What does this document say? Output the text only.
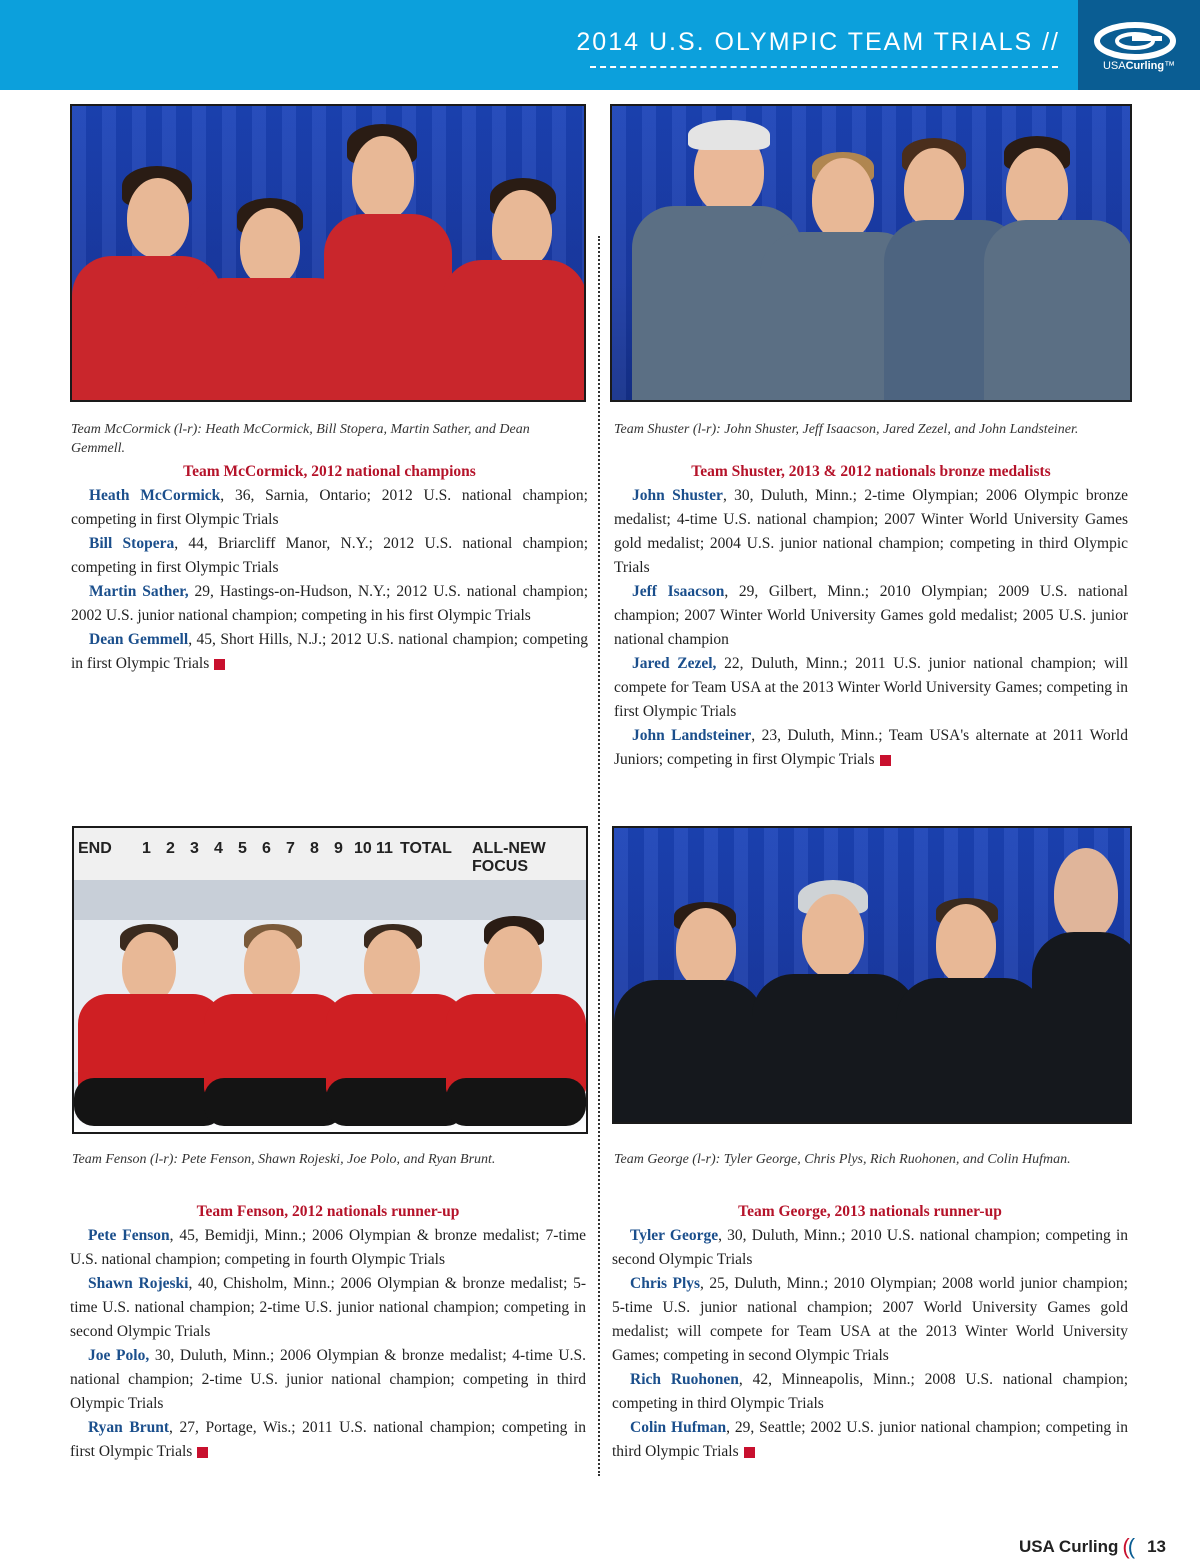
2014 U.S. OLYMPIC TEAM TRIALS //
USACurling™
Team McCormick (l-r): Heath McCormick, Bill Stopera, Martin Sather, and Dean Gemmell.
Team McCormick, 2012 national champions

Heath McCormick, 36, Sarnia, Ontario; 2012 U.S. national champion; competing in first Olympic Trials

Bill Stopera, 44, Briarcliff Manor, N.Y.; 2012 U.S. national champion; competing in first Olympic Trials

Martin Sather, 29, Hastings-on-Hudson, N.Y.; 2012 U.S. national champion; 2002 U.S. junior national champion; competing in his first Olympic Trials

Dean Gemmell, 45, Short Hills, N.J.; 2012 U.S. national champion; competing in first Olympic Trials

Team Shuster (l-r): John Shuster, Jeff Isaacson, Jared Zezel, and John Landsteiner.
Team Shuster, 2013 & 2012 nationals bronze medalists

John Shuster, 30, Duluth, Minn.; 2-time Olympian; 2006 Olympic bronze medalist; 4-time U.S. national champion; 2007 Winter World University Games gold medalist; 2004 U.S. junior national champion; competing in third Olympic Trials

Jeff Isaacson, 29, Gilbert, Minn.; 2010 Olympian; 2009 U.S. national champion; 2007 Winter World University Games gold medalist; 2005 U.S. junior national champion

Jared Zezel, 22, Duluth, Minn.; 2011 U.S. junior national champion; will compete for Team USA at the 2013 Winter World University Games; competing in first Olympic Trials

John Landsteiner, 23, Duluth, Minn.; Team USA's alternate at 2011 World Juniors; competing in first Olympic Trials

END 1 2 3 4 5 6 7 8 9 10 11 TOTAL ALL-NEW FOCUS
Team Fenson (l-r): Pete Fenson, Shawn Rojeski, Joe Polo, and Ryan Brunt.
Team Fenson, 2012 nationals runner-up

Pete Fenson, 45, Bemidji, Minn.; 2006 Olympian & bronze medalist; 7-time U.S. national champion; competing in fourth Olympic Trials

Shawn Rojeski, 40, Chisholm, Minn.; 2006 Olympian & bronze medalist; 5-time U.S. national champion; 2-time U.S. junior national champion; competing in second Olympic Trials

Joe Polo, 30, Duluth, Minn.; 2006 Olympian & bronze medalist; 4-time U.S. national champion; 2-time U.S. junior national champion; competing in third Olympic Trials

Ryan Brunt, 27, Portage, Wis.; 2011 U.S. national champion; competing in first Olympic Trials

Team George (l-r): Tyler George, Chris Plys, Rich Ruohonen, and Colin Hufman.
Team George, 2013 nationals runner-up

Tyler George, 30, Duluth, Minn.; 2010 U.S. national champion; competing in second Olympic Trials

Chris Plys, 25, Duluth, Minn.; 2010 Olympian; 2008 world junior champion; 5-time U.S. junior national champion; 2007 World University Games gold medalist; will compete for Team USA at the 2013 Winter World University Games; competing in second Olympic Trials

Rich Ruohonen, 42, Minneapolis, Minn.; 2008 U.S. national champion; competing in third Olympic Trials

Colin Hufman, 29, Seattle; 2002 U.S. junior national champion; competing in third Olympic Trials

USA Curling (( 13
